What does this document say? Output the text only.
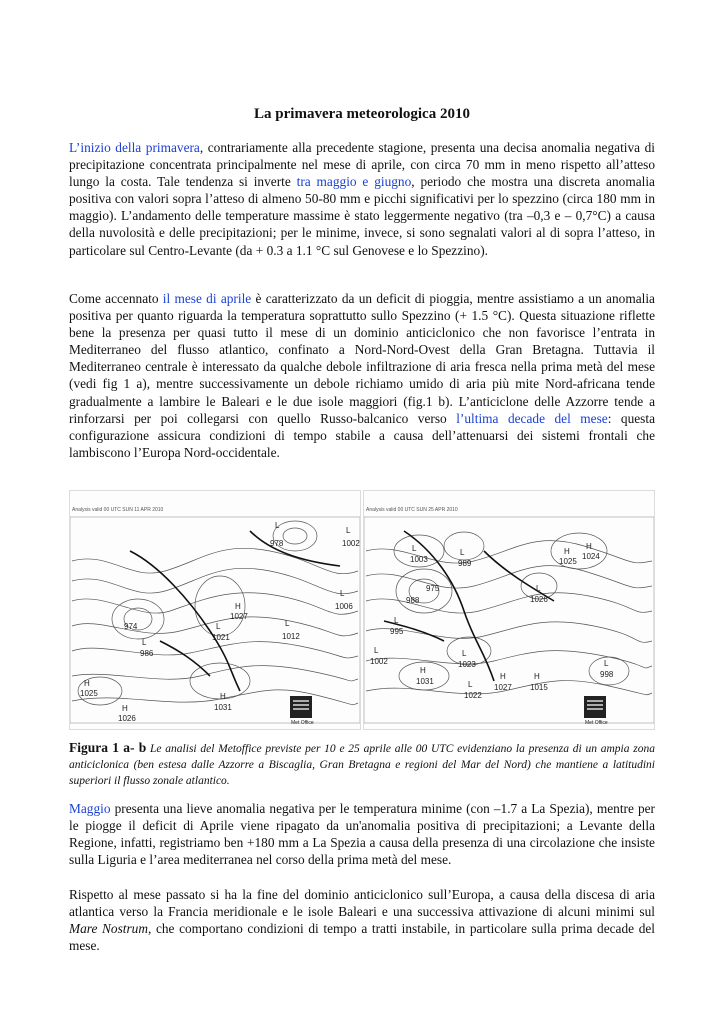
La primavera meteorologica 2010

L’inizio della primavera, contrariamente alla precedente stagione, presenta una decisa anomalia negativa di precipitazione concentrata principalmente nel mese di aprile, con circa 70 mm in meno rispetto all’atteso lungo la costa. Tale tendenza si inverte tra maggio e giugno, periodo che mostra una discreta anomalia positiva con valori sopra l’atteso di almeno 50-80 mm e picchi significativi per lo spezzino (circa 180 mm in maggio). L’andamento delle temperature massime è stato leggermente negativo (tra –0,3 e – 0,7°C) a causa della nuvolosità e delle precipitazioni; per le minime, invece, si sono segnalati valori al di sopra l’atteso, in particolare sul Centro-Levante (da + 0.3 a 1.1 °C sul Genovese e lo Spezzino).

Come accennato il mese di aprile è caratterizzato da un deficit di pioggia, mentre assistiamo a un anomalia positiva per quanto riguarda la temperatura soprattutto sullo Spezzino (+ 1.5 °C). Questa situazione riflette bene la presenza per quasi tutto il mese di un dominio anticiclonico che non favorisce l’entrata in Mediterraneo del flusso atlantico, confinato a Nord-Nord-Ovest della Gran Bretagna. Tuttavia il Mediterraneo centrale è interessato da qualche debole infiltrazione di aria fresca nella prima metà del mese (vedi fig 1 a), mentre successivamente un debole richiamo umido di aria più mite Nord-africana tende gradualmente a lambire le Baleari e le due isole maggiori (fig.1 b). L’anticiclone delle Azzorre tende a rinforzarsi per poi collegarsi con quello Russo-balcanico verso l’ultima decade del mese: questa configurazione assicura condizioni di tempo stabile a causa dell’attenuarsi dei sistemi frontali che lambiscono l’Europa Nord-occidentale.

Analysis valid 00 UTC SUN 11 APR 2010
L
978
L
1002
974
L
986
H
1027
L
1021
L
1012
L
1006
H
1025
H
1026
H
1031
Met Office
Analysis valid 00 UTC SUN 25 APR 2010
L
1003
L
989
975
988
L
995
H
1024
H
1025
L
1026
L
1002
L
1023
H
1031	L
1022
H
1027
H
1015
L
998
Met Office

Figura 1 a- b Le analisi del Metoffice previste per 10 e 25 aprile alle 00 UTC evidenziano la presenza di un ampia zona anticiclonica (ben estesa dalle Azzorre a Biscaglia, Gran Bretagna e regioni del Mar del Nord) che mantiene a latitudini superiori il flusso zonale atlantico.

Maggio presenta una lieve anomalia negativa per le temperatura minime (con –1.7 a La Spezia), mentre per le piogge il deficit di Aprile viene ripagato da un'anomalia positiva di precipitazioni; a Levante della Regione, infatti, registriamo ben +180 mm a La Spezia a causa della presenza di una circolazione che insiste sulla Liguria e l’area mediterranea nel corso della prima metà del mese.

Rispetto al mese passato si ha la fine del dominio anticiclonico sull’Europa, a causa della discesa di aria atlantica verso la Francia meridionale e le isole Baleari e una successiva attivazione di alcuni minimi sul Mare Nostrum, che comportano condizioni di tempo a tratti instabile, in particolare sulla prima decade del mese.
